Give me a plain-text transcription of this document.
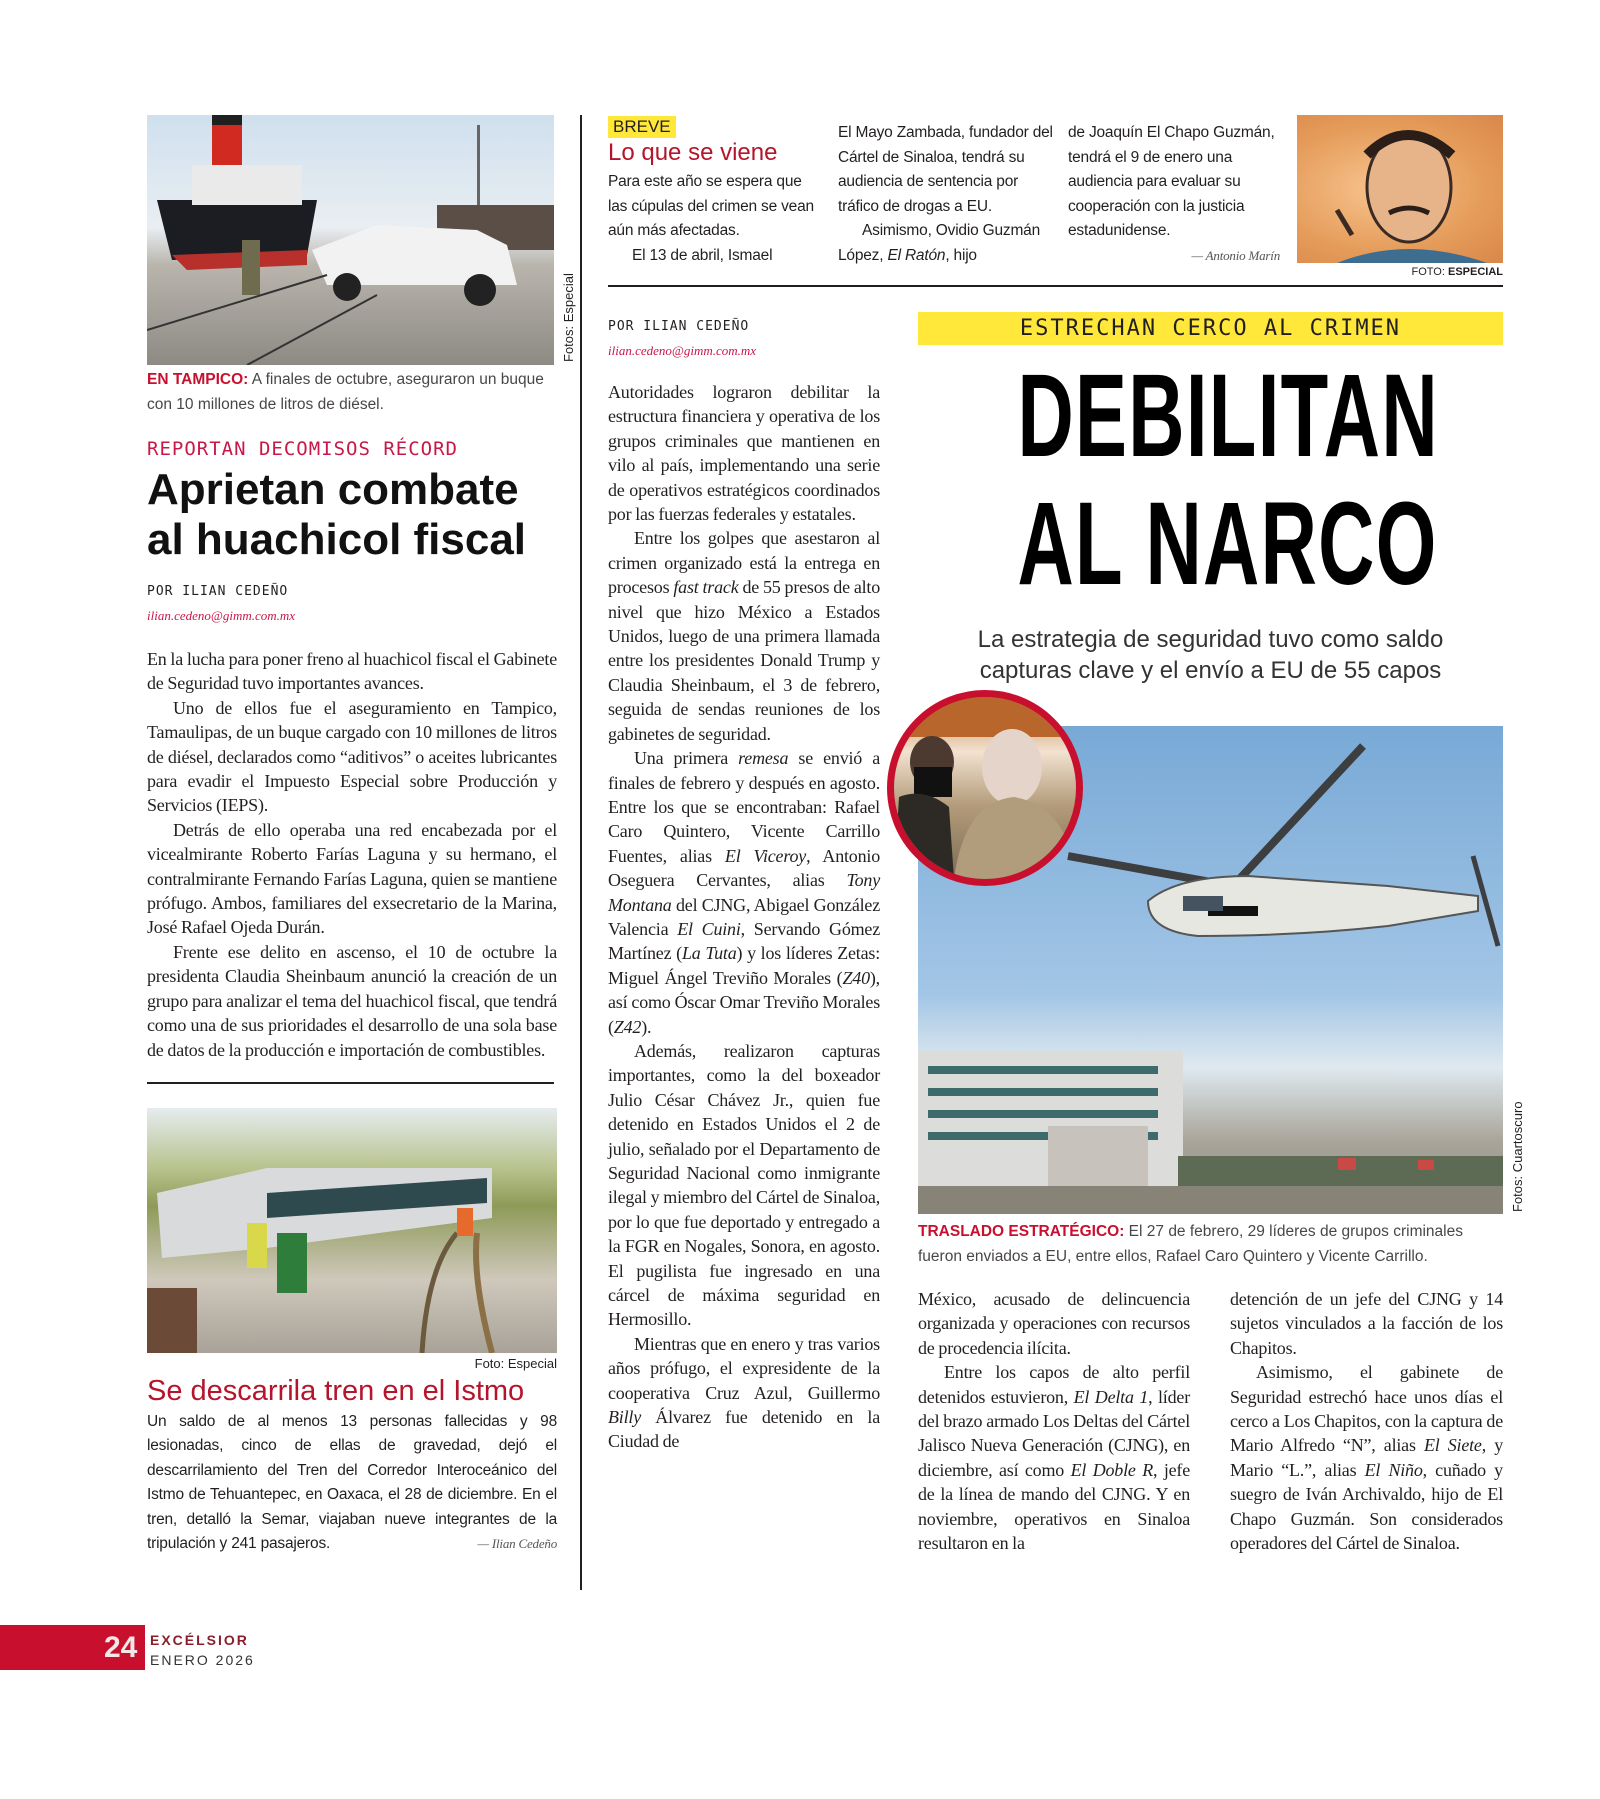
EN TAMPICO: A finales de octubre, aseguraron un buque con 10 millones de litros de diésel.
REPORTAN DECOMISOS RÉCORD
Aprietan combate
al huachicol fiscal
POR ILIAN CEDEÑO
ilian.cedeno@gimm.com.mx

En la lucha para poner freno al huachicol fiscal el Gabinete de Seguridad tuvo importantes avances.

Uno de ellos fue el aseguramiento en Tampico, Tamaulipas, de un buque cargado con 10 millones de litros de diésel, declarados como “aditivos” o aceites lubricantes para evadir el Impuesto Especial sobre Producción y Servicios (IEPS).

Detrás de ello operaba una red encabezada por el vicealmirante Roberto Farías Laguna y su hermano, el contralmirante Fernando Farías Laguna, quien se mantiene prófugo. Ambos, familiares del exsecretario de la Marina, José Rafael Ojeda Durán.

Frente ese delito en ascenso, el 10 de octubre la presidenta Claudia Sheinbaum anunció la creación de un grupo para analizar el tema del huachicol fiscal, que tendrá como una de sus prioridades el desarrollo de una sola base de datos de la producción e importación de combustibles.

Foto: Especial
Se descarrila tren en el Istmo
Un saldo de al menos 13 personas fallecidas y 98 lesionadas, cinco de ellas de gravedad, dejó el descarrilamiento del Tren del Corredor Interoceánico del Istmo de Tehuantepec, en Oaxaca, el 28 de diciembre. En el tren, detalló la Semar, viajaban nueve integrantes de la tripulación y 241 pasajeros.	— Ilian Cedeño
Fotos: Especial
BREVE
Lo que se viene

Para este año se espera que las cúpulas del crimen se vean aún más afectadas.

El 13 de abril, Ismael

El Mayo Zambada, fundador del Cártel de Sinaloa, tendrá su audiencia de sentencia por tráfico de drogas a EU.

Asimismo, Ovidio Guzmán López, El Ratón, hijo

de Joaquín El Chapo Guzmán, tendrá el 9 de enero una audiencia para evaluar su cooperación con la justicia estadunidense.

— Antonio Marín
FOTO: ESPECIAL
POR ILIAN CEDEÑO
ilian.cedeno@gimm.com.mx

Autoridades lograron debilitar la estructura financiera y operativa de los grupos criminales que mantienen en vilo al país, implementando una serie de operativos estratégicos coordinados por las fuerzas federales y estatales.

Entre los golpes que asestaron al crimen organizado está la entrega en procesos fast track de 55 presos de alto nivel que hizo México a Estados Unidos, luego de una primera llamada entre los presidentes Donald Trump y Claudia Sheinbaum, el 3 de febrero, seguida de sendas reuniones de los gabinetes de seguridad.

Una primera remesa se envió a finales de febrero y después en agosto. Entre los que se encontraban: Rafael Caro Quintero, Vicente Carrillo Fuentes, alias El Viceroy, Antonio Oseguera Cervantes, alias Tony Montana del CJNG, Abigael González Valencia El Cuini, Servando Gómez Martínez (La Tuta) y los líderes Zetas: Miguel Ángel Treviño Morales (Z40), así como Óscar Omar Treviño Morales (Z42).

Además, realizaron capturas importantes, como la del boxeador Julio César Chávez Jr., quien fue detenido en Estados Unidos el 2 de julio, señalado por el Departamento de Seguridad Nacional como inmigrante ilegal y miembro del Cártel de Sinaloa, por lo que fue deportado y entregado a la FGR en Nogales, Sonora, en agosto. El pugilista fue ingresado en una cárcel de máxima seguridad en Hermosillo.

Mientras que en enero y tras varios años prófugo, el expresidente de la cooperativa Cruz Azul, Guillermo Billy Álvarez fue detenido en la Ciudad de

ESTRECHAN CERCO AL CRIMEN
DEBILITAN
AL NARCO
La estrategia de seguridad tuvo como saldo
capturas clave y el envío a EU de 55 capos
Fotos: Cuartoscuro
TRASLADO ESTRATÉGICO: El 27 de febrero, 29 líderes de grupos criminales fueron enviados a EU, entre ellos, Rafael Caro Quintero y Vicente Carrillo.

México, acusado de delincuencia organizada y operaciones con recursos de procedencia ilícita.

Entre los capos de alto perfil detenidos estuvieron, El Delta 1, líder del brazo armado Los Deltas del Cártel Jalisco Nueva Generación (CJNG), en diciembre, así como El Doble R, jefe de la línea de mando del CJNG. Y en noviembre, operativos en Sinaloa resultaron en la

detención de un jefe del CJNG y 14 sujetos vinculados a la facción de los Chapitos.

Asimismo, el gabinete de Seguridad estrechó hace unos días el cerco a Los Chapitos, con la captura de Mario Alfredo “N”, alias El Siete, y Mario “L.”, alias El Niño, cuñado y suegro de Iván Archivaldo, hijo de El Chapo Guzmán. Son considerados operadores del Cártel de Sinaloa.

24 EXCÉLSIOR
ENERO 2026
